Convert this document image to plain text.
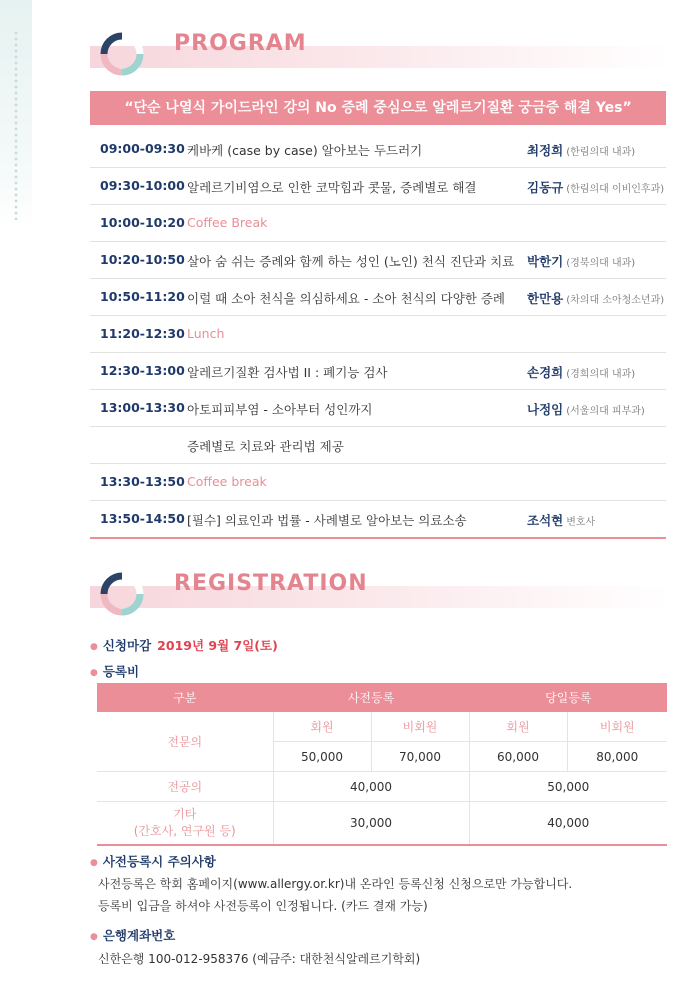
PROGRAM
“단순 나열식 가이드라인 강의 No 증례 중심으로 알레르기질환 궁금증 해결 Yes”
09:00-09:30 케바케 (case by case) 알아보는 두드러기	최정희 (한림의대 내과)
09:30-10:00 알레르기비염으로 인한 코막힘과 콧물, 증례별로 해결	김동규 (한림의대 이비인후과)
10:00-10:20 Coffee Break
10:20-10:50 살아 숨 쉬는 증례와 함께 하는 성인 (노인) 천식 진단과 치료 박한기 (경북의대 내과)
10:50-11:20 이럴 때 소아 천식을 의심하세요 - 소아 천식의 다양한 증례 한만용 (차의대 소아청소년과)
11:20-12:30 Lunch
12:30-13:00 알레르기질환 검사법 II : 폐기능 검사	손경희 (경희의대 내과)
13:00-13:30 아토피피부염 - 소아부터 성인까지	나정임 (서울의대 피부과)
증례별로 치료와 관리법 제공
13:30-13:50 Coffee break
13:50-14:50 [필수] 의료인과 법률 - 사례별로 알아보는 의료소송	조석현 변호사
REGISTRATION
● 신청마감 2019년 9월 7일(토)
● 등록비
구분	사전등록		당일등록	
전문의	회원	비회원	회원	비회원
	50,000	70,000	60,000	80,000
전공의	40,000		50,000	

기타
(간호사, 연구원 등)	30,000		40,000	
● 사전등록시 주의사항
사전등록은 학회 홈페이지(www.allergy.or.kr)내 온라인 등록신청 신청으로만 가능합니다.
등록비 입금을 하셔야 사전등록이 인정됩니다. (카드 결재 가능)
● 은행계좌번호
신한은행 100-012-958376 (예금주: 대한천식알레르기학회)
